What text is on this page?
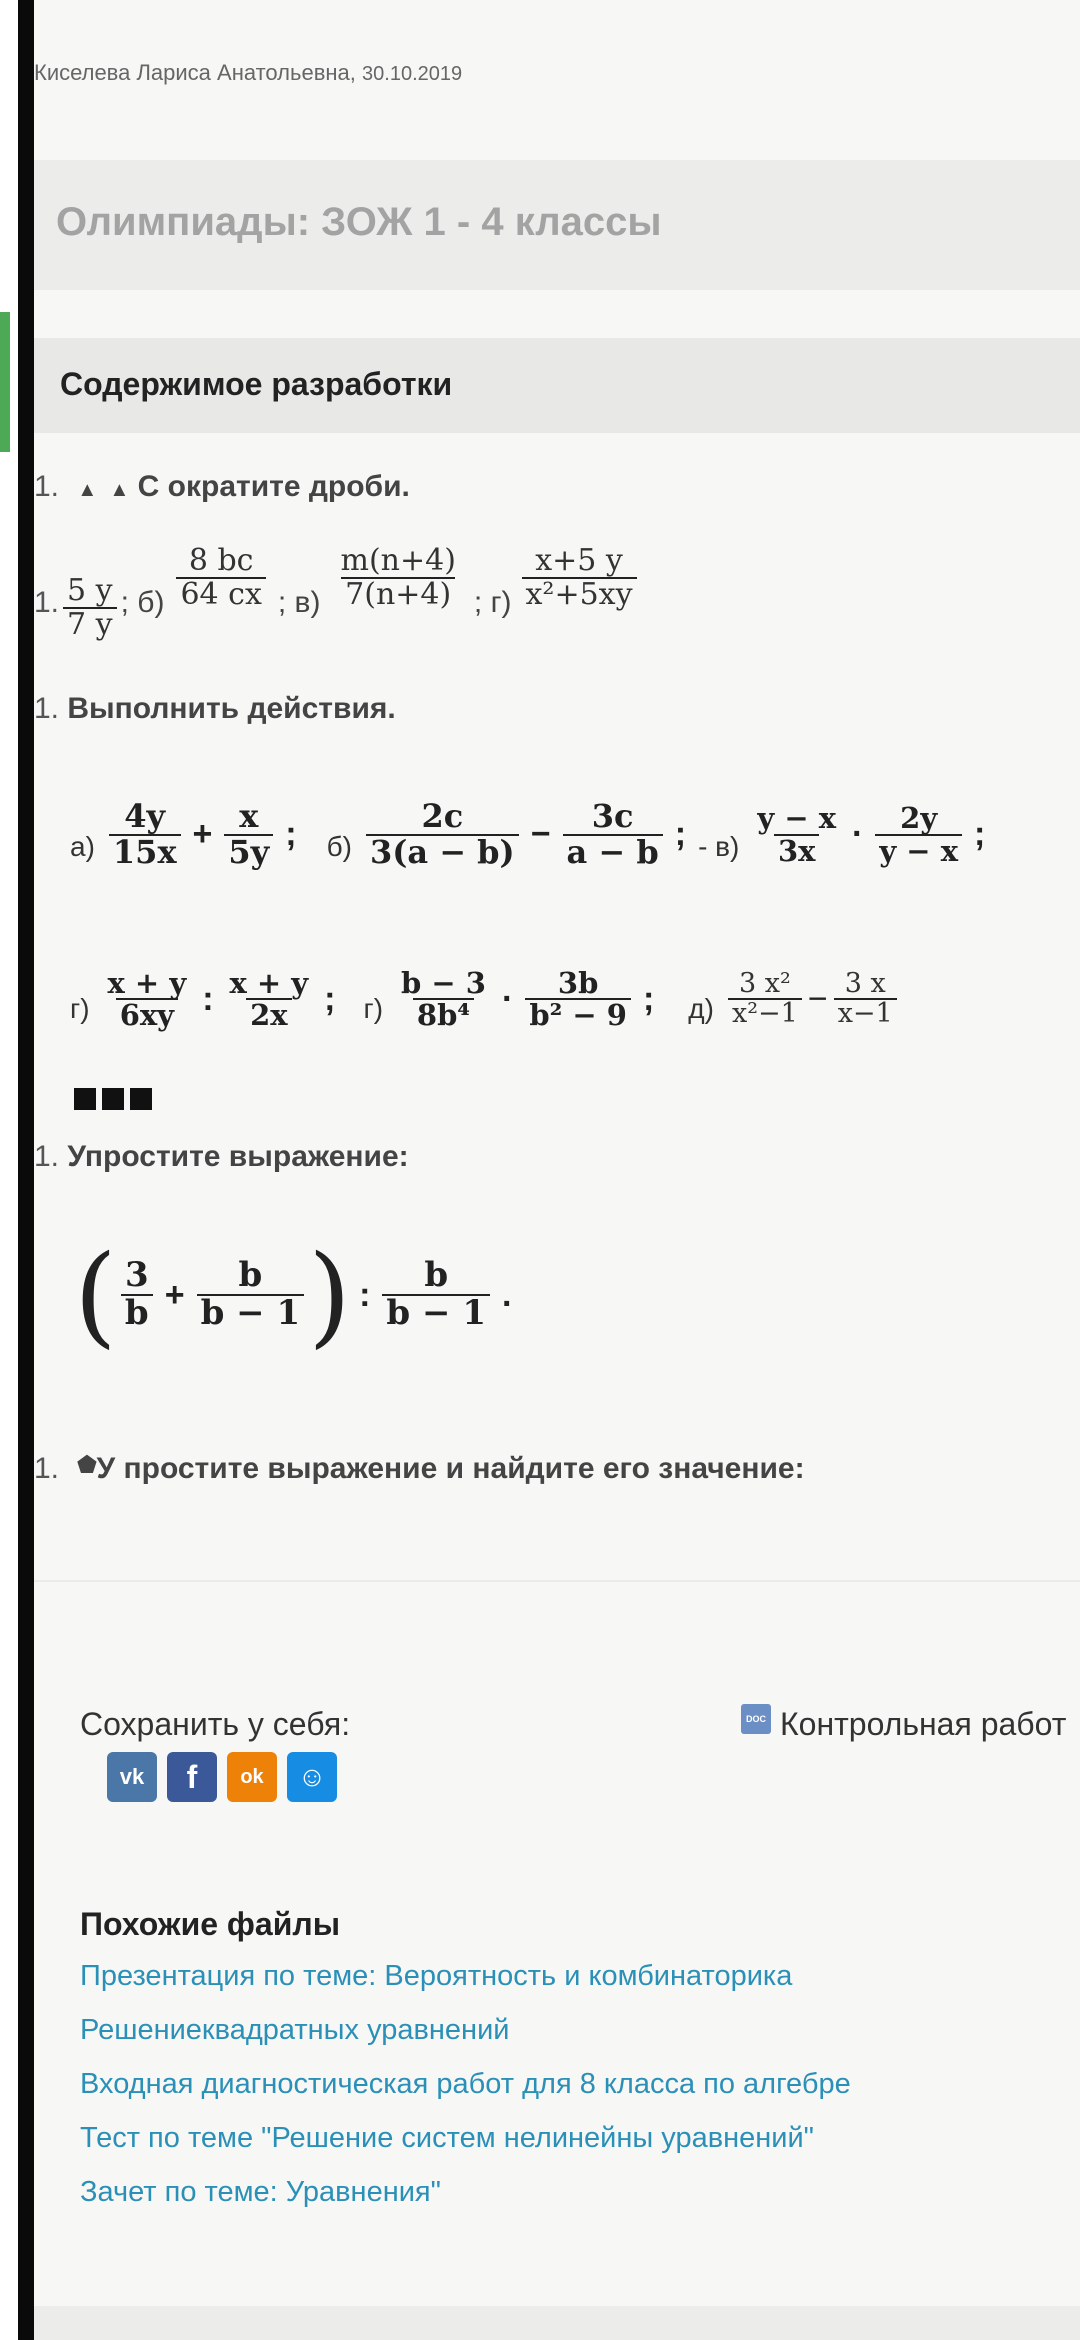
Киселева Лариса Анатольевна, 30.10.2019
Олимпиады: ЗОЖ 1 - 4 классы
Содержимое разработки
1. ▲ ▲ С ократите дроби.
1. $\frac{5 y}{7 y}$ ; $б) \frac{8 bc}{64 cx}$ ; $в) \frac{m(n+4)}{7(n+4)}$ ; $г) \frac{x+5 y}{\text{x²+5xy}}$
1. Выполнить действия.
$а) \frac{4y}{15x} + \frac{x}{5y}$ ; $б) \frac{2c}{3(a - b)} - \frac{3c}{a - b}$ ; - $в) \frac{y - x}{3x} \cdot \frac{2y}{y - x}$ ;
$г) \frac{x + y}{6xy}$ : $\frac{x + y}{2x}$ ; $г) \frac{b - 3}{\text{8b⁴}} \cdot \frac{3b}{\text{b² − 9}}$ ; $д) \frac{\text{3 x²}}{\text{x²−1}} - \frac{3 x}{x-1}$
1. Упростите выражение:
( $\frac{3}{b} + \frac{b}{b - 1}$ ) : $\frac{b}{b - 1}$ .
1. ⬟У простите выражение и найдите его значение:
Сохранить у себя:
vk f ok ☺
DOC Контрольная работ
Похожие файлы
Презентация по теме: Вероятность и комбинаторика
Решениеквадратных уравнений
Входная диагностическая работ для 8 класса по алгебре
Тест по теме "Решение систем нелинейны уравнений"
Зачет по теме: Уравнения"
